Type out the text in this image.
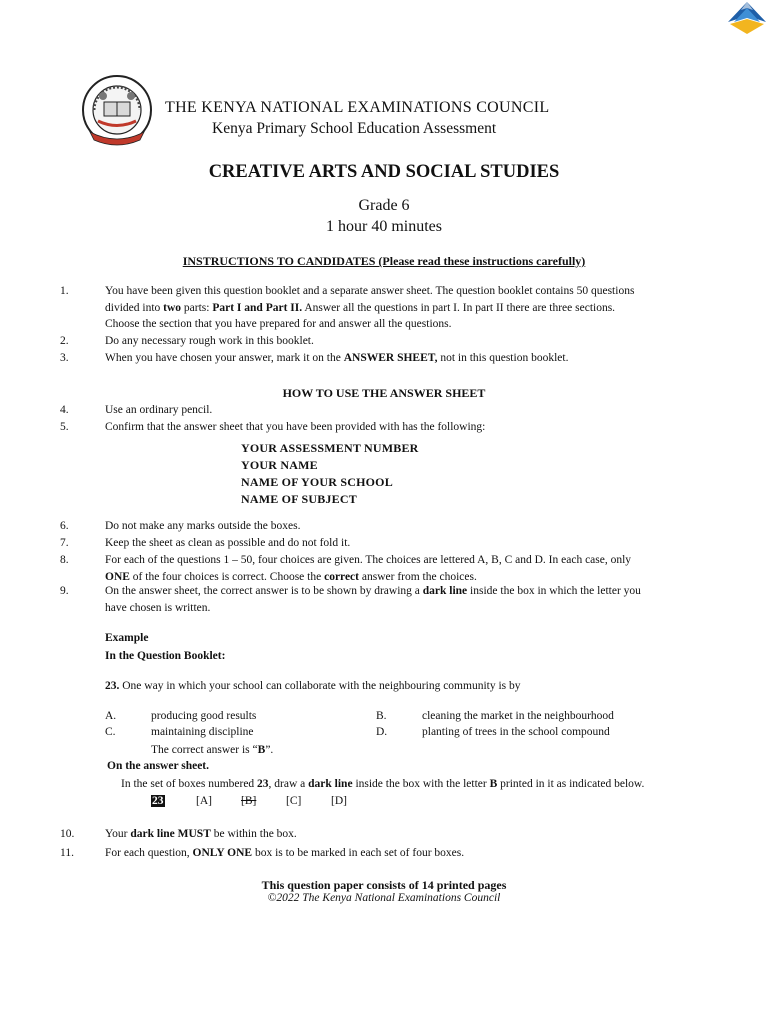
THE KENYA NATIONAL EXAMINATIONS COUNCIL
Kenya Primary School Education Assessment
CREATIVE ARTS AND SOCIAL STUDIES
Grade 6
1 hour 40 minutes
INSTRUCTIONS TO CANDIDATES (Please read these instructions carefully)
1.	You have been given this question booklet and a separate answer sheet. The question booklet contains 50 questions
divided into two parts: Part I and Part II. Answer all the questions in part I. In part II there are three sections.
Choose the section that you have prepared for and answer all the questions.
2.	Do any necessary rough work in this booklet.
3.	When you have chosen your answer, mark it on the ANSWER SHEET, not in this question booklet.
HOW TO USE THE ANSWER SHEET
4.	Use an ordinary pencil.
5.	Confirm that the answer sheet that you have been provided with has the following:
YOUR ASSESSMENT NUMBER
YOUR NAME
NAME OF YOUR SCHOOL
NAME OF SUBJECT
6.	Do not make any marks outside the boxes.
7.	Keep the sheet as clean as possible and do not fold it.
8.	For each of the questions 1 – 50, four choices are given. The choices are lettered A, B, C and D. In each case, only
ONE of the four choices is correct. Choose the correct answer from the choices.
9.	On the answer sheet, the correct answer is to be shown by drawing a dark line inside the box in which the letter you
have chosen is written.
Example
In the Question Booklet:
23. One way in which your school can collaborate with the neighbouring community is by
A.	producing good results	B.	cleaning the market in the neighbourhood
C.	maintaining discipline	D.	planting of trees in the school compound
The correct answer is “B”.
On the answer sheet.
In the set of boxes numbered 23, draw a dark line inside the box with the letter B printed in it as indicated below.
23	[A]	[B]	[C]	[D]
10.	Your dark line MUST be within the box.
11.	For each question, ONLY ONE box is to be marked in each set of four boxes.
This question paper consists of 14 printed pages
©2022 The Kenya National Examinations Council
